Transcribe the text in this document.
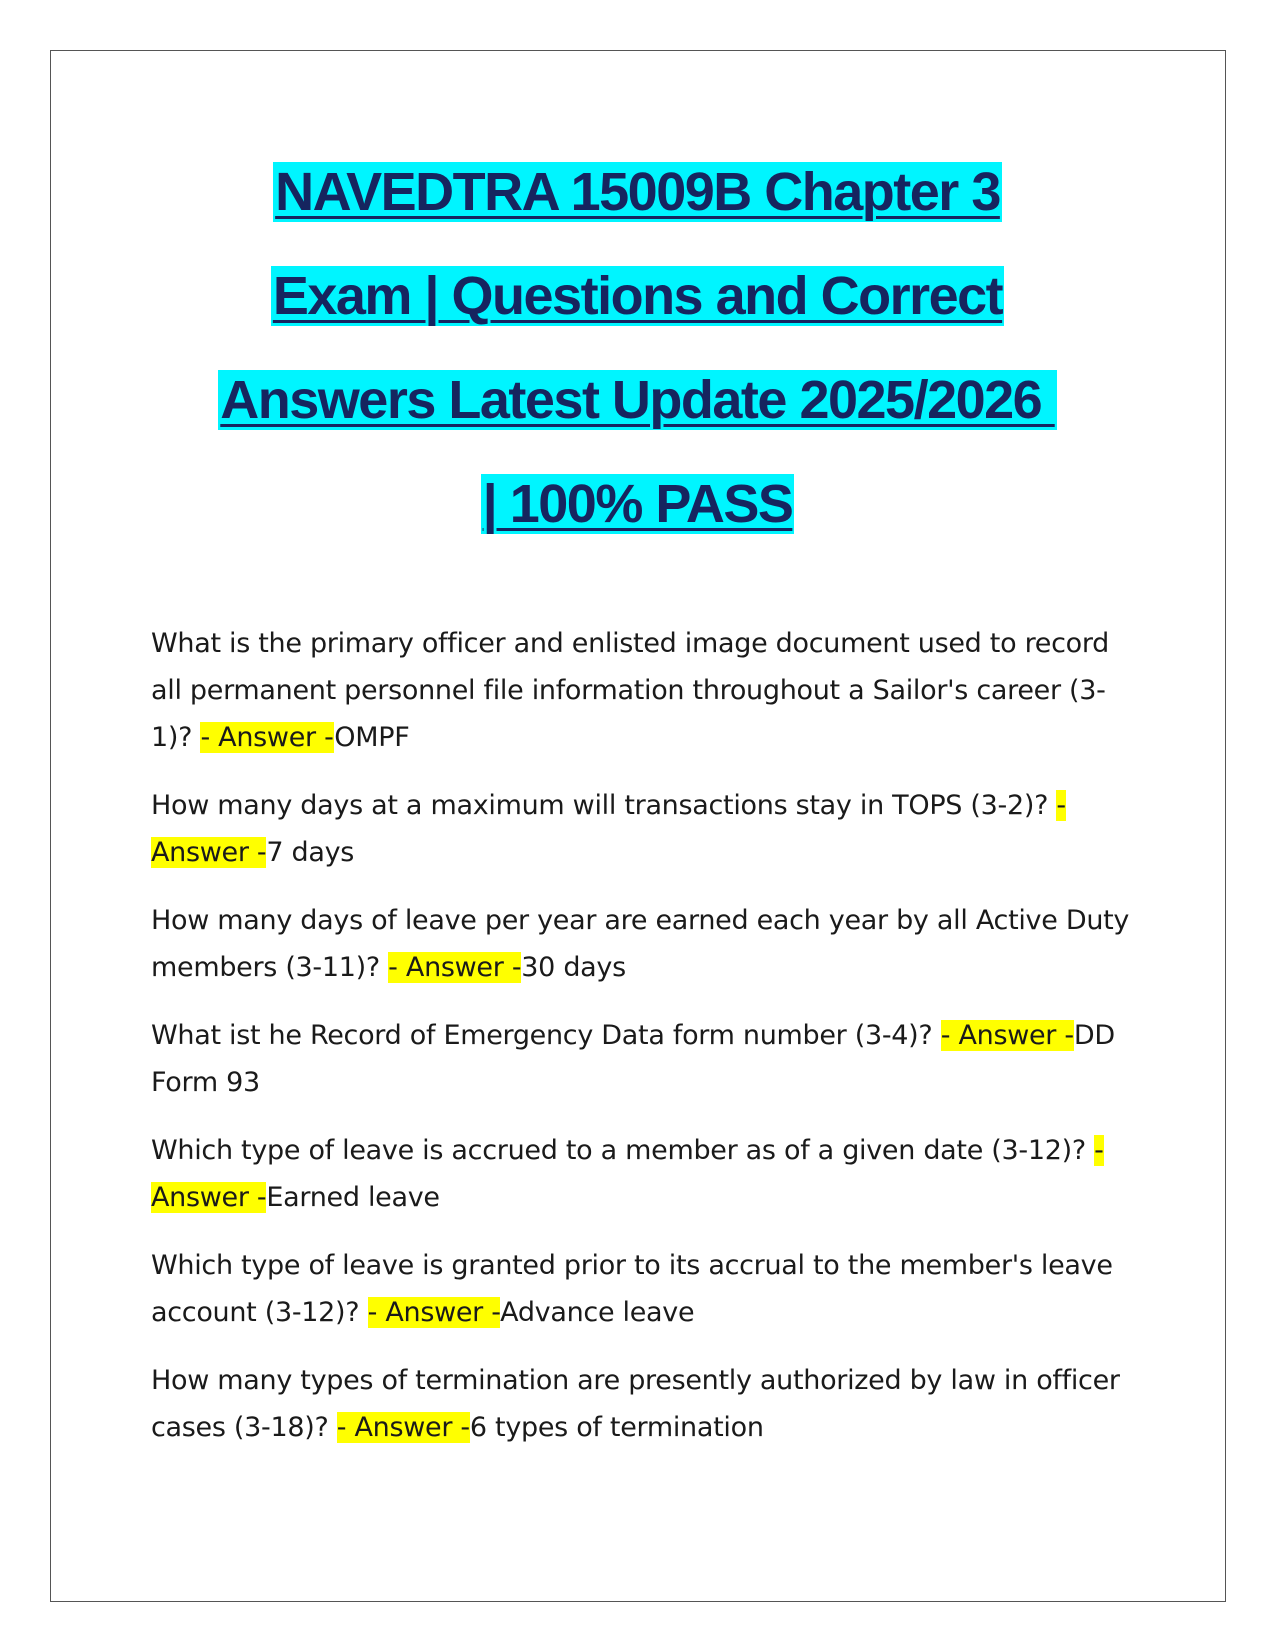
NAVEDTRA 15009B Chapter 3
Exam | Questions and Correct
Answers Latest Update 2025/2026
| 100% PASS

What is the primary officer and enlisted image document used to record all permanent personnel file information throughout a Sailor's career (3-1)? - Answer -OMPF

How many days at a maximum will transactions stay in TOPS (3-2)? - Answer -7 days

How many days of leave per year are earned each year by all Active Duty members (3-11)? - Answer -30 days

What ist he Record of Emergency Data form number (3-4)? - Answer -DD Form 93

Which type of leave is accrued to a member as of a given date (3-12)? - Answer -Earned leave

Which type of leave is granted prior to its accrual to the member's leave account (3-12)? - Answer -Advance leave

How many types of termination are presently authorized by law in officer cases (3-18)? - Answer -6 types of termination
